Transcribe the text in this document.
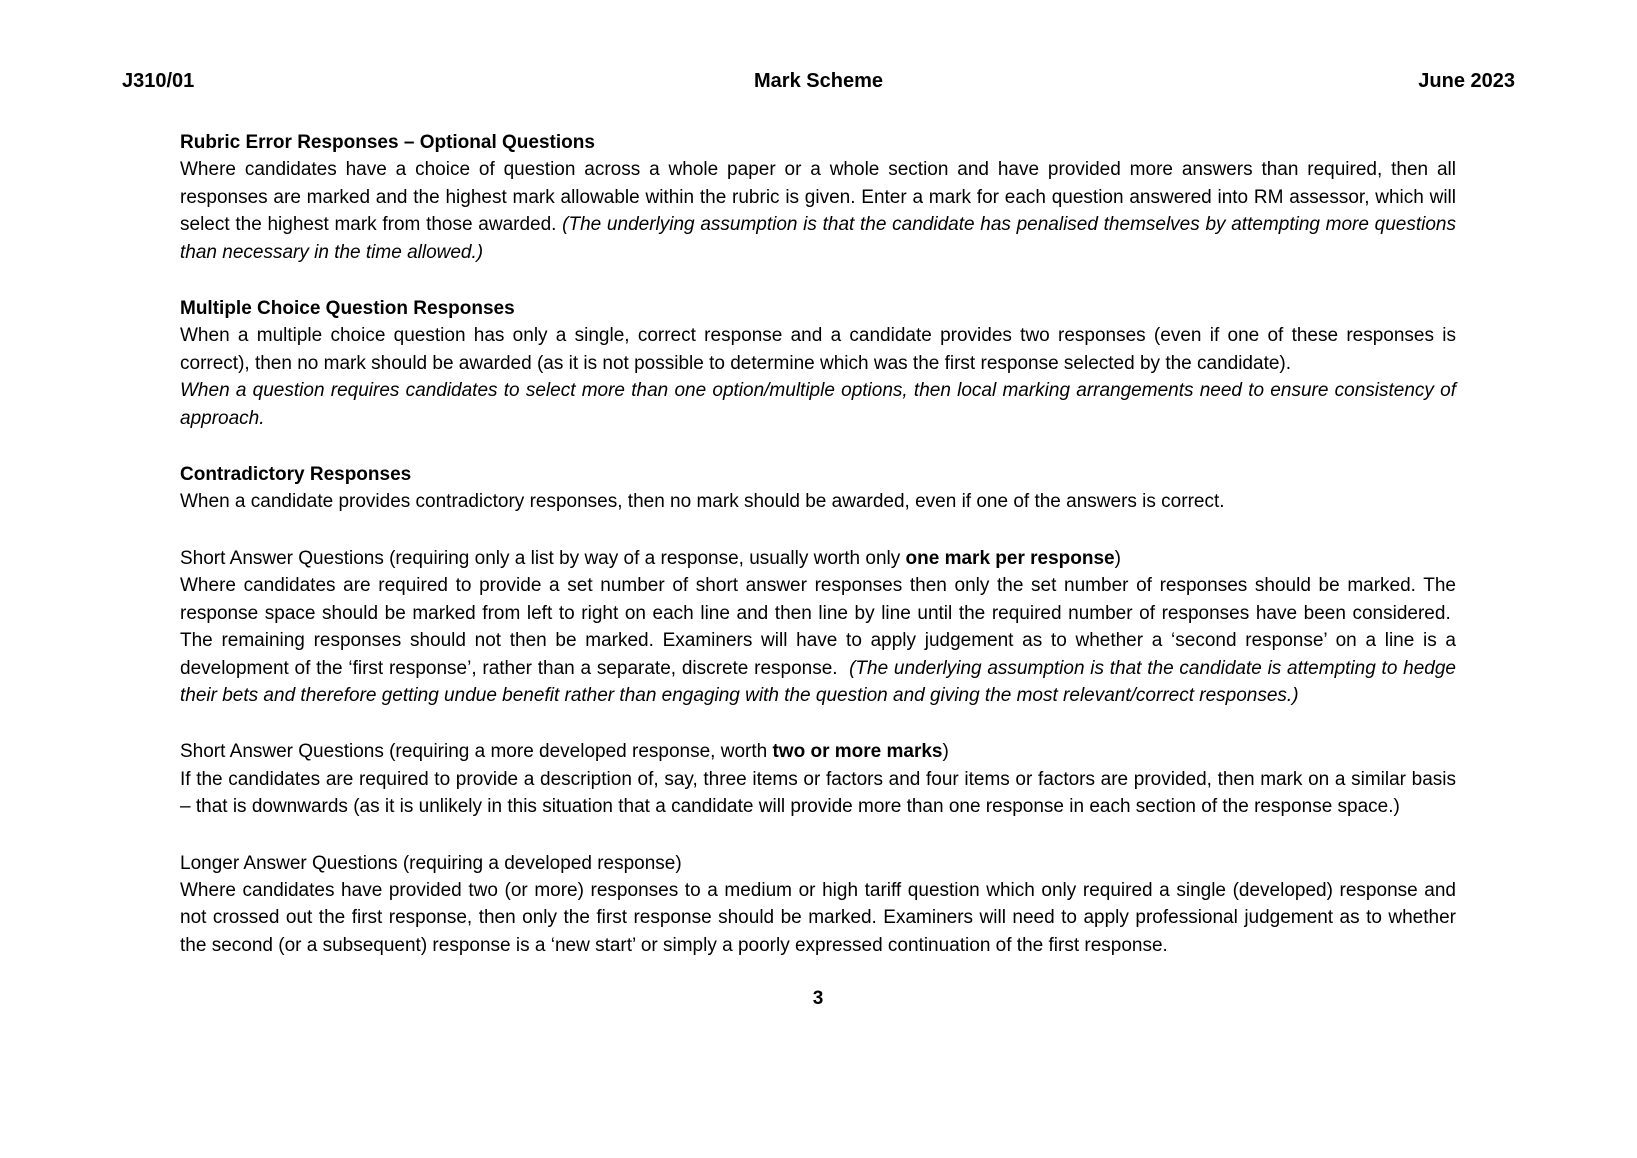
J310/01	Mark Scheme	June 2023

Rubric Error Responses – Optional Questions

Where candidates have a choice of question across a whole paper or a whole section and have provided more answers than required, then all responses are marked and the highest mark allowable within the rubric is given. Enter a mark for each question answered into RM assessor, which will select the highest mark from those awarded. (The underlying assumption is that the candidate has penalised themselves by attempting more questions than necessary in the time allowed.)

Multiple Choice Question Responses

When a multiple choice question has only a single, correct response and a candidate provides two responses (even if one of these responses is correct), then no mark should be awarded (as it is not possible to determine which was the first response selected by the candidate).

When a question requires candidates to select more than one option/multiple options, then local marking arrangements need to ensure consistency of approach.

Contradictory Responses

When a candidate provides contradictory responses, then no mark should be awarded, even if one of the answers is correct.

Short Answer Questions (requiring only a list by way of a response, usually worth only one mark per response)

Where candidates are required to provide a set number of short answer responses then only the set number of responses should be marked. The response space should be marked from left to right on each line and then line by line until the required number of responses have been considered.  The remaining responses should not then be marked. Examiners will have to apply judgement as to whether a ‘second response’ on a line is a development of the ‘first response’, rather than a separate, discrete response.  (The underlying assumption is that the candidate is attempting to hedge their bets and therefore getting undue benefit rather than engaging with the question and giving the most relevant/correct responses.)

Short Answer Questions (requiring a more developed response, worth two or more marks)

If the candidates are required to provide a description of, say, three items or factors and four items or factors are provided, then mark on a similar basis – that is downwards (as it is unlikely in this situation that a candidate will provide more than one response in each section of the response space.)

Longer Answer Questions (requiring a developed response)

Where candidates have provided two (or more) responses to a medium or high tariff question which only required a single (developed) response and not crossed out the first response, then only the first response should be marked. Examiners will need to apply professional judgement as to whether the second (or a subsequent) response is a ‘new start’ or simply a poorly expressed continuation of the first response.

3
